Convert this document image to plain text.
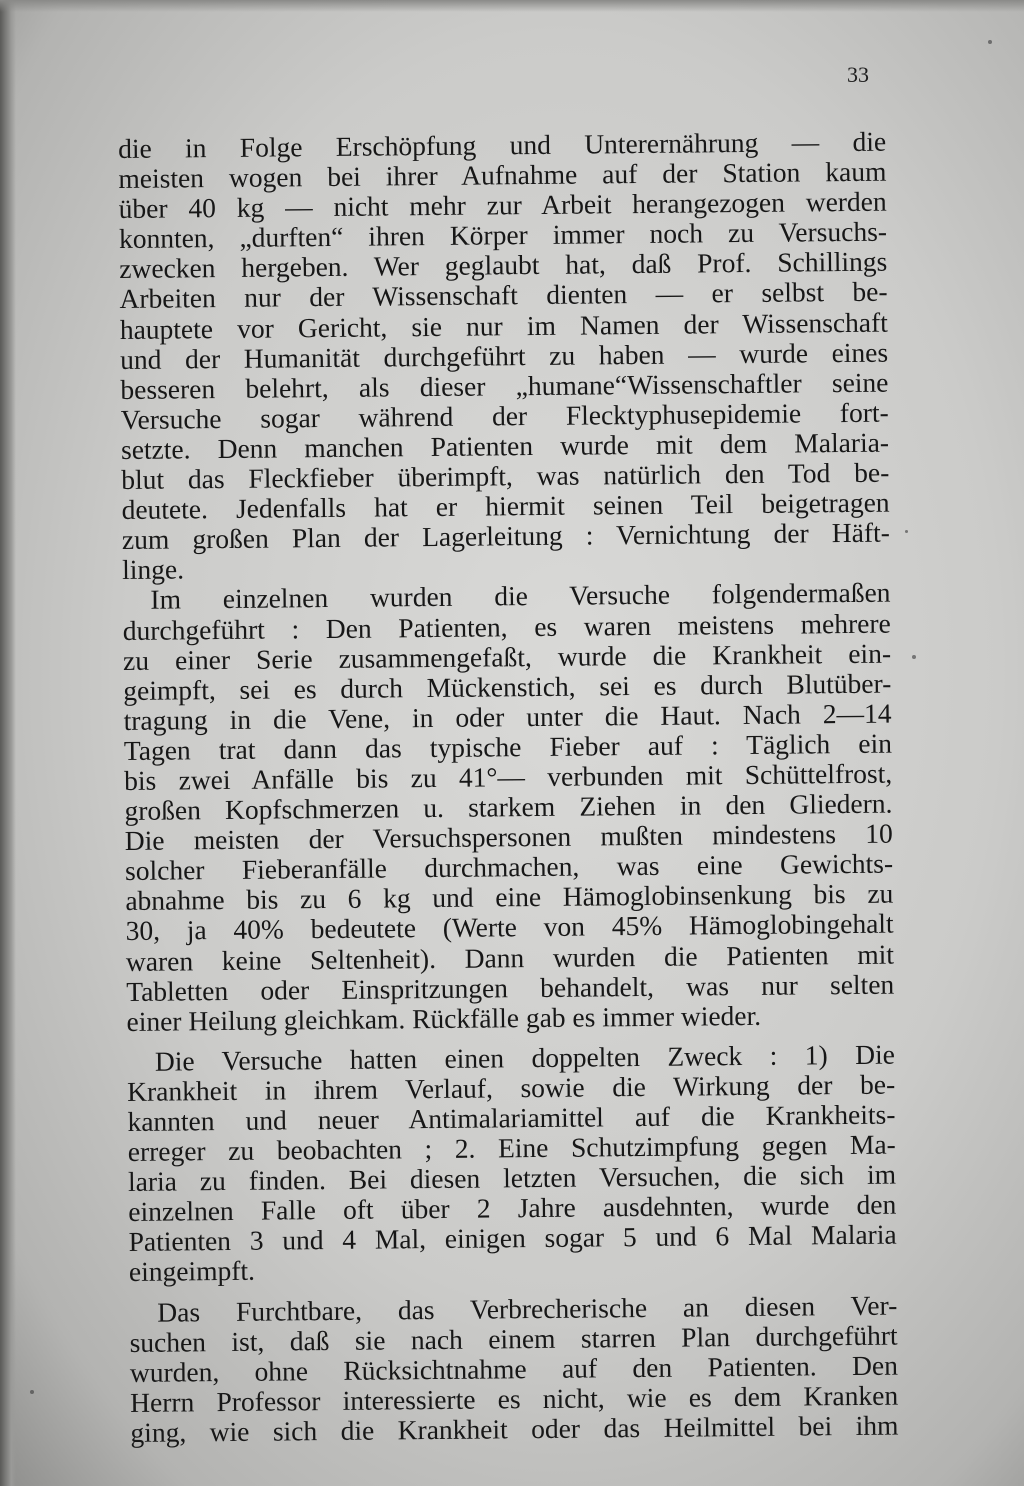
33
die in Folge Erschöpfung und Unterernährung — die
meisten wogen bei ihrer Aufnahme auf der Station kaum
über 40 kg — nicht mehr zur Arbeit herangezogen werden
konnten, „durften“ ihren Körper immer noch zu Versuchs-
zwecken hergeben. Wer geglaubt hat, daß Prof. Schillings
Arbeiten nur der Wissenschaft dienten — er selbst be-
hauptete vor Gericht, sie nur im Namen der Wissenschaft
und der Humanität durchgeführt zu haben — wurde eines
besseren belehrt, als dieser „humane“Wissenschaftler seine
Versuche sogar während der Flecktyphusepidemie fort-
setzte. Denn manchen Patienten wurde mit dem Malaria-
blut das Fleckfieber überimpft, was natürlich den Tod be-
deutete. Jedenfalls hat er hiermit seinen Teil beigetragen
zum großen Plan der Lagerleitung : Vernichtung der Häft-
linge.
Im einzelnen wurden die Versuche folgendermaßen
durchgeführt : Den Patienten, es waren meistens mehrere
zu einer Serie zusammengefaßt, wurde die Krankheit ein-
geimpft, sei es durch Mückenstich, sei es durch Blutüber-
tragung in die Vene, in oder unter die Haut. Nach 2—14
Tagen trat dann das typische Fieber auf : Täglich ein
bis zwei Anfälle bis zu 41°— verbunden mit Schüttelfrost,
großen Kopfschmerzen u. starkem Ziehen in den Gliedern.
Die meisten der Versuchspersonen mußten mindestens 10
solcher Fieberanfälle durchmachen, was eine Gewichts-
abnahme bis zu 6 kg und eine Hämoglobinsenkung bis zu
30, ja 40% bedeutete (Werte von 45% Hämoglobingehalt
waren keine Seltenheit). Dann wurden die Patienten mit
Tabletten oder Einspritzungen behandelt, was nur selten
einer Heilung gleichkam. Rückfälle gab es immer wieder.
Die Versuche hatten einen doppelten Zweck : 1) Die
Krankheit in ihrem Verlauf, sowie die Wirkung der be-
kannten und neuer Antimalariamittel auf die Krankheits-
erreger zu beobachten ; 2. Eine Schutzimpfung gegen Ma-
laria zu finden. Bei diesen letzten Versuchen, die sich im
einzelnen Falle oft über 2 Jahre ausdehnten, wurde den
Patienten 3 und 4 Mal, einigen sogar 5 und 6 Mal Malaria
eingeimpft.
Das Furchtbare, das Verbrecherische an diesen Ver-
suchen ist, daß sie nach einem starren Plan durchgeführt
wurden, ohne Rücksichtnahme auf den Patienten. Den
Herrn Professor interessierte es nicht, wie es dem Kranken
ging, wie sich die Krankheit oder das Heilmittel bei ihm
